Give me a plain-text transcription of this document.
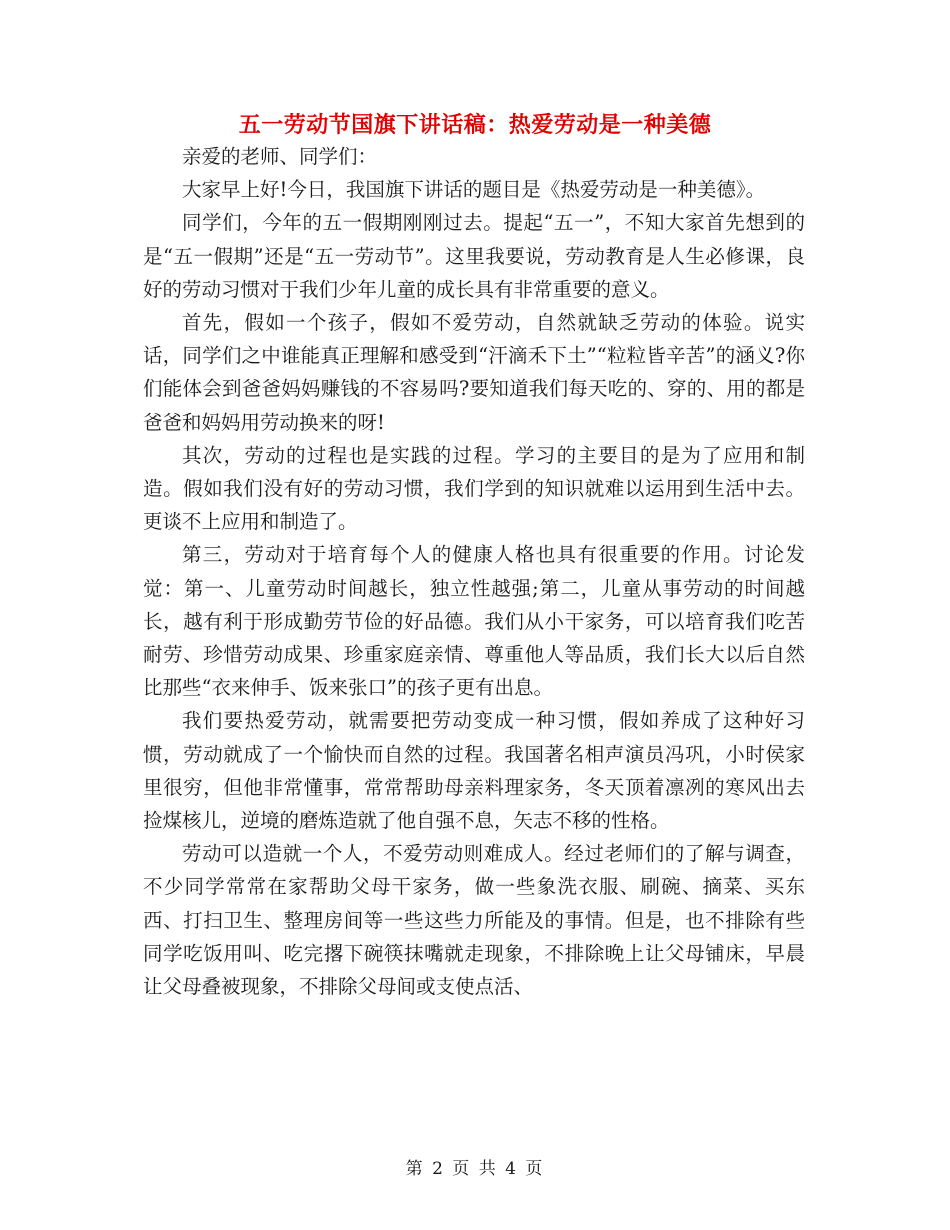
五一劳动节国旗下讲话稿：热爱劳动是一种美德

亲爱的老师、同学们：

大家早上好!今日，我国旗下讲话的题目是《热爱劳动是一种美德》。

同学们，今年的五一假期刚刚过去。提起“五一”，不知大家首先想到的是“五一假期”还是“五一劳动节”。这里我要说，劳动教育是人生必修课，良好的劳动习惯对于我们少年儿童的成长具有非常重要的意义。

首先，假如一个孩子，假如不爱劳动，自然就缺乏劳动的体验。说实话，同学们之中谁能真正理解和感受到“汗滴禾下土”“粒粒皆辛苦”的涵义?你们能体会到爸爸妈妈赚钱的不容易吗?要知道我们每天吃的、穿的、用的都是爸爸和妈妈用劳动换来的呀!

其次，劳动的过程也是实践的过程。学习的主要目的是为了应用和制造。假如我们没有好的劳动习惯，我们学到的知识就难以运用到生活中去。更谈不上应用和制造了。

第三，劳动对于培育每个人的健康人格也具有很重要的作用。讨论发觉：第一、儿童劳动时间越长，独立性越强;第二，儿童从事劳动的时间越长，越有利于形成勤劳节俭的好品德。我们从小干家务，可以培育我们吃苦耐劳、珍惜劳动成果、珍重家庭亲情、尊重他人等品质，我们长大以后自然比那些“衣来伸手、饭来张口”的孩子更有出息。

我们要热爱劳动，就需要把劳动变成一种习惯，假如养成了这种好习惯，劳动就成了一个愉快而自然的过程。我国著名相声演员冯巩，小时侯家里很穷，但他非常懂事，常常帮助母亲料理家务，冬天顶着凛冽的寒风出去捡煤核儿，逆境的磨炼造就了他自强不息，矢志不移的性格。

劳动可以造就一个人，不爱劳动则难成人。经过老师们的了解与调查，不少同学常常在家帮助父母干家务，做一些象洗衣服、刷碗、摘菜、买东西、打扫卫生、整理房间等一些这些力所能及的事情。但是，也不排除有些同学吃饭用叫、吃完撂下碗筷抹嘴就走现象，不排除晚上让父母铺床，早晨让父母叠被现象，不排除父母间或支使点活、

第 2 页 共 4 页
